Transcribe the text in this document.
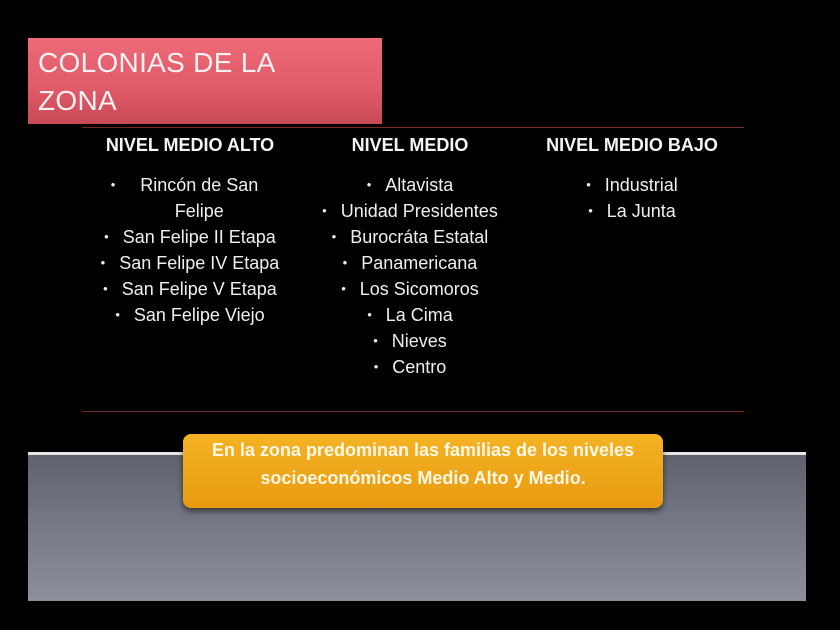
COLONIAS DE LA
ZONA
NIVEL MEDIO ALTO
• Rincón de San Felipe
• San Felipe II Etapa
• San Felipe IV Etapa
• San Felipe V Etapa
• San Felipe Viejo
NIVEL MEDIO
• Altavista
• Unidad Presidentes
• Burocráta Estatal
• Panamericana
• Los Sicomoros
• La Cima
• Nieves
• Centro
NIVEL MEDIO BAJO
• Industrial
• La Junta
En la zona predominan las familias de los niveles socioeconómicos Medio Alto y Medio.
